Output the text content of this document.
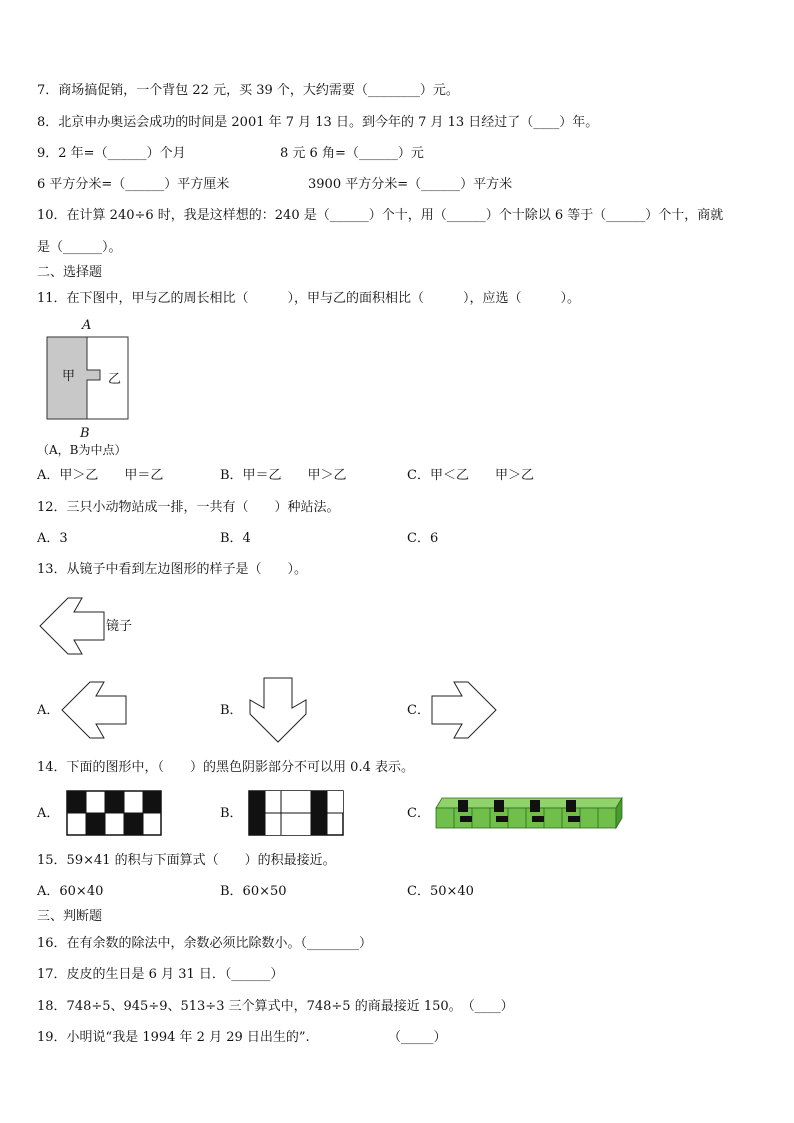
7．商场搞促销，一个背包 22 元，买 39 个，大约需要（________）元。
8．北京申办奥运会成功的时间是 2001 年 7 月 13 日。到今年的 7 月 13 日经过了（____）年。
9．2 年=（______）个月	8 元 6 角=（______）元
6 平方分米=（______）平方厘米	3900 平方分米=（______）平方米
10．在计算 240÷6 时，我是这样想的：240 是（______）个十，用（______）个十除以 6 等于（______）个十，商就
是（______）。
二、选择题
11．在下图中，甲与乙的周长相比（　　　），甲与乙的面积相比（　　　），应选（　　　）。
A
甲	乙
B
（A，B为中点）
A．甲＞乙　　甲＝乙	B．甲＝乙　　甲＞乙	C．甲＜乙　　甲＞乙
12．三只小动物站成一排，一共有（　　）种站法。
A．3	B．4	C．6
13．从镜子中看到左边图形的样子是（　　）。
镜子
A．	B．	C．
14．下面的图形中，（　　）的黑色阴影部分不可以用 0.4 表示。
A．	B．	C．
15．59×41 的积与下面算式（　　）的积最接近。
A．60×40	B．60×50	C．50×40
三、判断题
16．在有余数的除法中，余数必须比除数小。（________）
17．皮皮的生日是 6 月 31 日．（______）
18．748÷5、945÷9、513÷3 三个算式中，748÷5 的商最接近 150。　（____）
19．小明说“我是 1994 年 2 月 29 日出生的”.	（_____）
